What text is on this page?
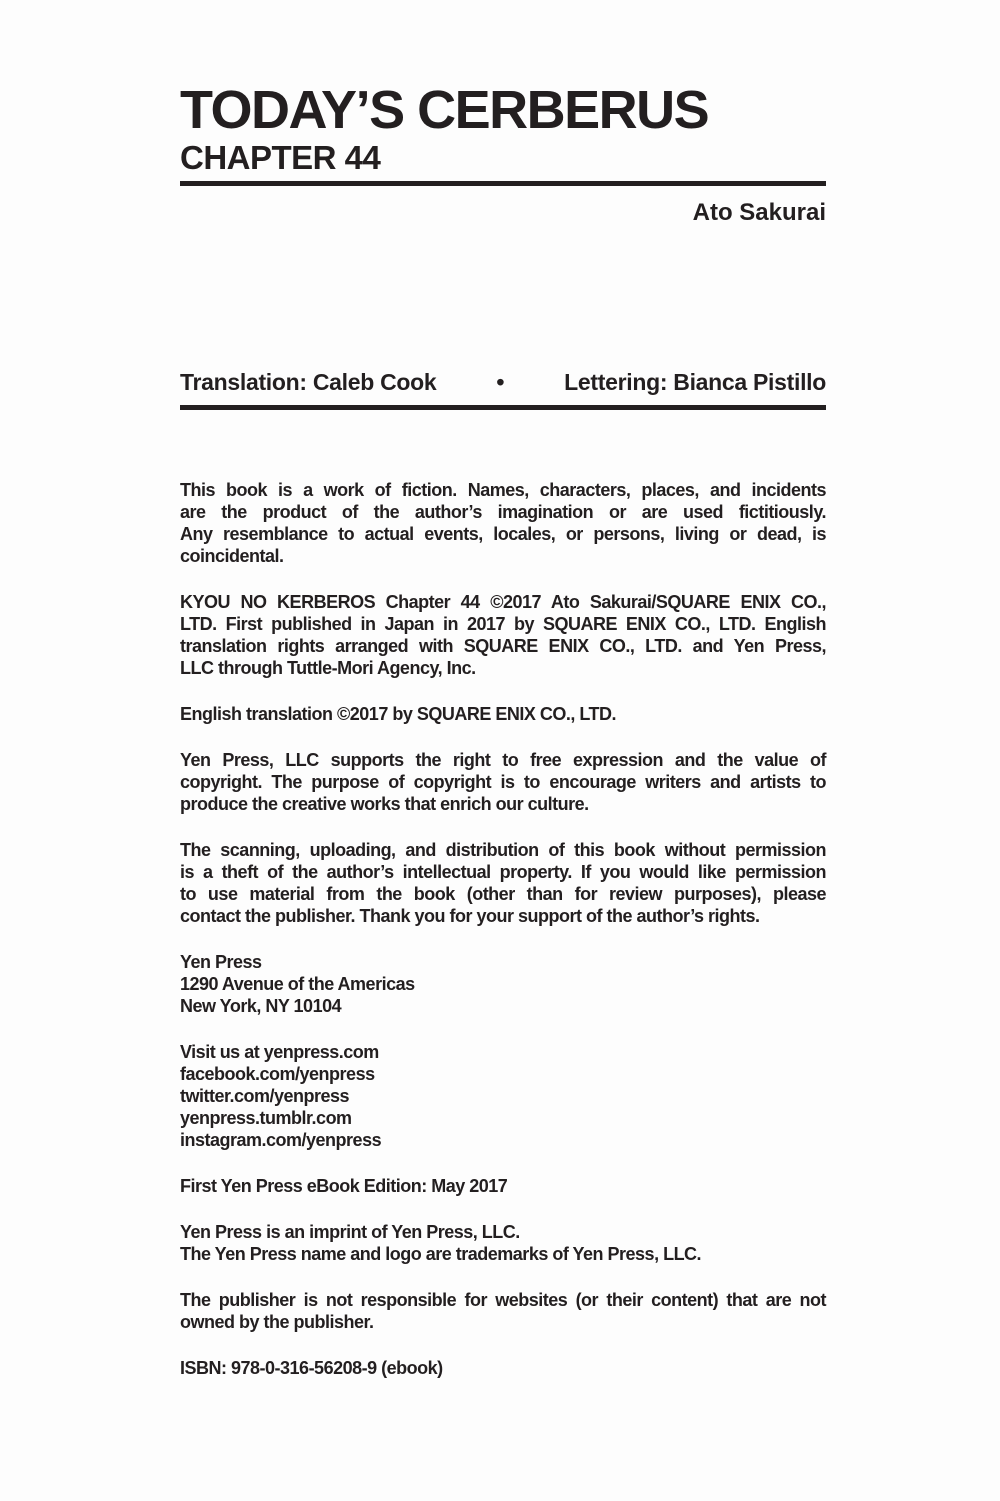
TODAY’S CERBERUS
CHAPTER 44
Ato Sakurai
Translation: Caleb Cook	•	Lettering: Bianca Pistillo
This book is a work of fiction. Names, characters, places, and incidents
are the product of the author’s imagination or are used fictitiously.
Any resemblance to actual events, locales, or persons, living or dead, is
coincidental.
KYOU NO KERBEROS Chapter 44 ©2017 Ato Sakurai/SQUARE ENIX CO.,
LTD. First published in Japan in 2017 by SQUARE ENIX CO., LTD. English
translation rights arranged with SQUARE ENIX CO., LTD. and Yen Press,
LLC through Tuttle-Mori Agency, Inc.
English translation ©2017 by SQUARE ENIX CO., LTD.
Yen Press, LLC supports the right to free expression and the value of
copyright. The purpose of copyright is to encourage writers and artists to
produce the creative works that enrich our culture.
The scanning, uploading, and distribution of this book without permission
is a theft of the author’s intellectual property. If you would like permission
to use material from the book (other than for review purposes), please
contact the publisher. Thank you for your support of the author’s rights.
Yen Press
1290 Avenue of the Americas
New York, NY 10104
Visit us at yenpress.com
facebook.com/yenpress
twitter.com/yenpress
yenpress.tumblr.com
instagram.com/yenpress
First Yen Press eBook Edition: May 2017
Yen Press is an imprint of Yen Press, LLC.
The Yen Press name and logo are trademarks of Yen Press, LLC.
The publisher is not responsible for websites (or their content) that are not
owned by the publisher.
ISBN: 978-0-316-56208-9 (ebook)
